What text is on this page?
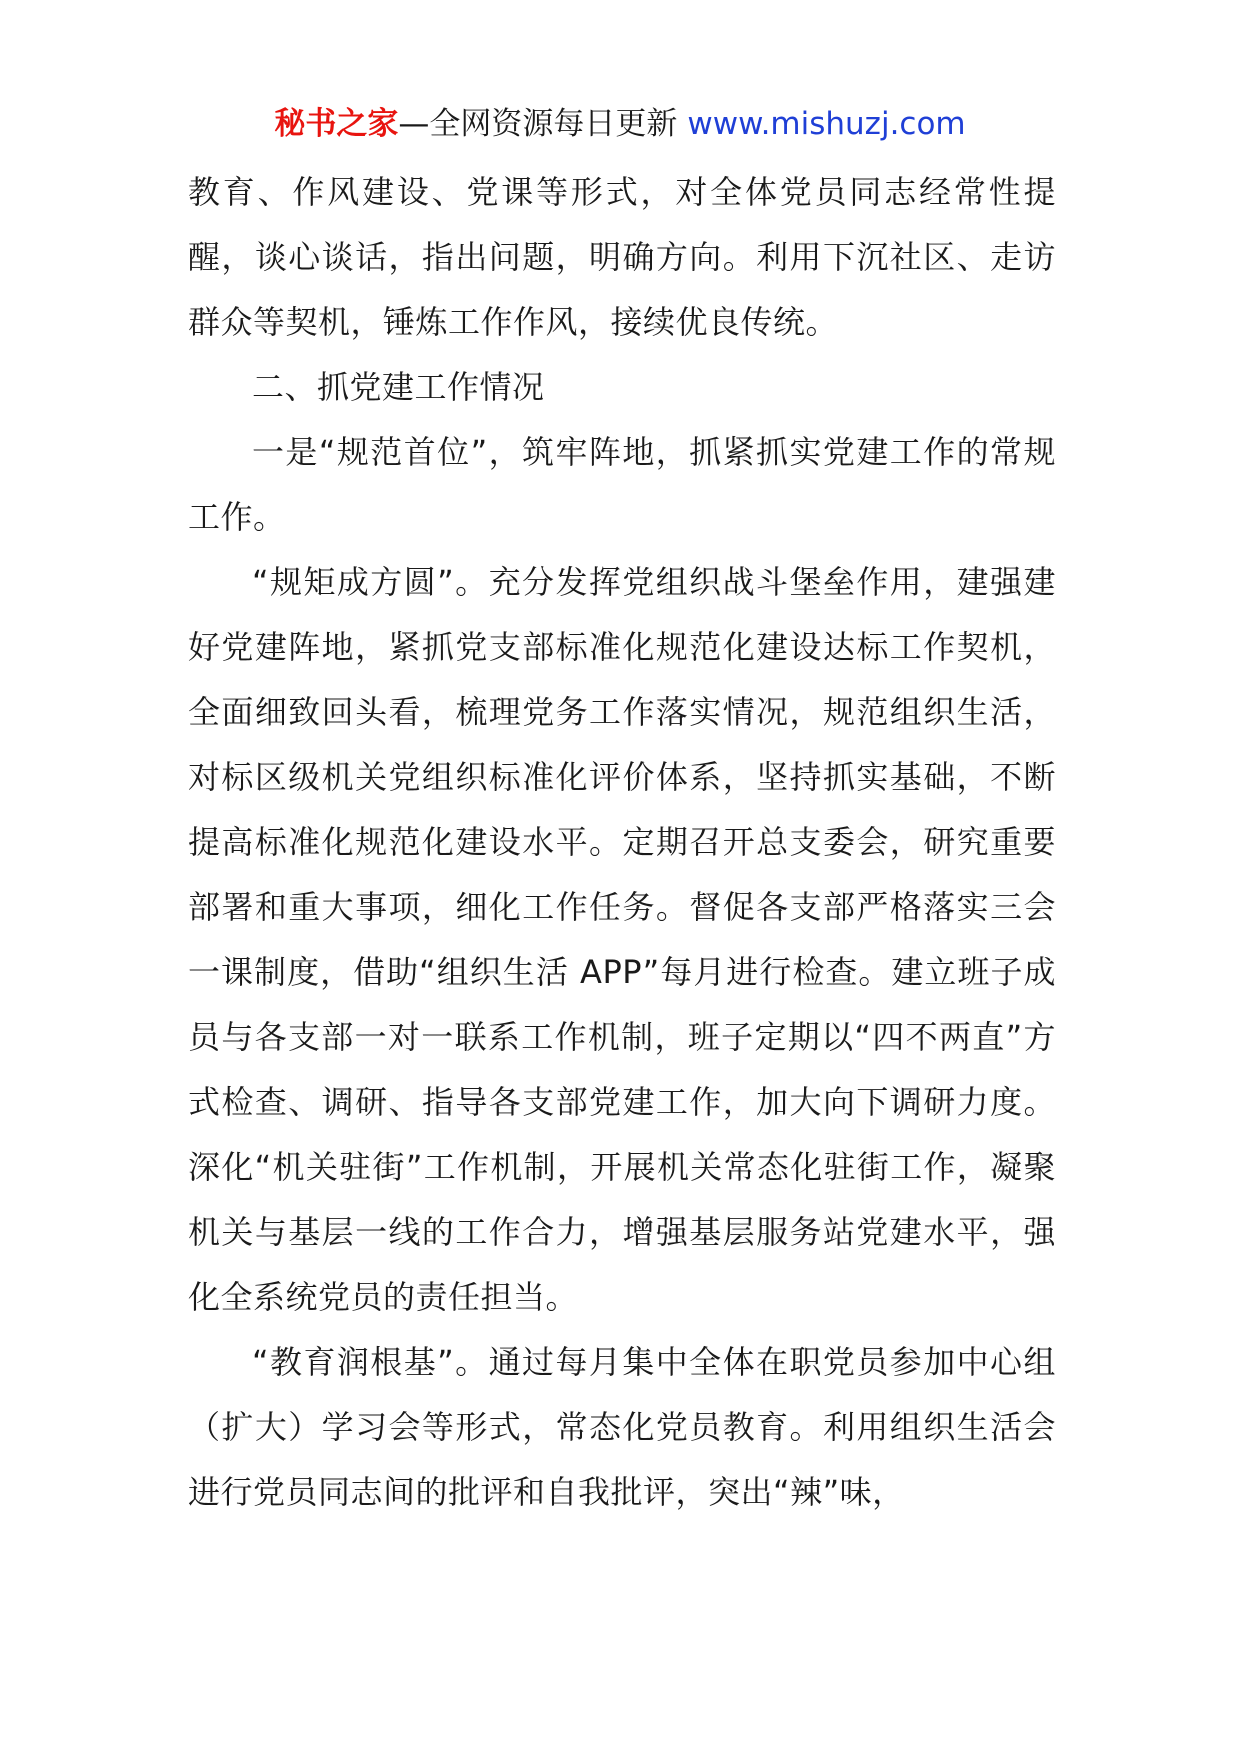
秘书之家—全网资源每日更新 www.mishuzj.com

教育、作风建设、党课等形式，对全体党员同志经常性提醒，谈心谈话，指出问题，明确方向。利用下沉社区、走访群众等契机，锤炼工作作风，接续优良传统。

二、抓党建工作情况

一是“规范首位”，筑牢阵地，抓紧抓实党建工作的常规工作。

“规矩成方圆”。充分发挥党组织战斗堡垒作用，建强建好党建阵地，紧抓党支部标准化规范化建设达标工作契机，全面细致回头看，梳理党务工作落实情况，规范组织生活，对标区级机关党组织标准化评价体系，坚持抓实基础，不断提高标准化规范化建设水平。定期召开总支委会，研究重要部署和重大事项，细化工作任务。督促各支部严格落实三会一课制度，借助“组织生活 APP”每月进行检查。建立班子成员与各支部一对一联系工作机制，班子定期以“四不两直”方式检查、调研、指导各支部党建工作，加大向下调研力度。深化“机关驻街”工作机制，开展机关常态化驻街工作，凝聚机关与基层一线的工作合力，增强基层服务站党建水平，强化全系统党员的责任担当。

“教育润根基”。通过每月集中全体在职党员参加中心组（扩大）学习会等形式，常态化党员教育。利用组织生活会进行党员同志间的批评和自我批评，突出“辣”味，
